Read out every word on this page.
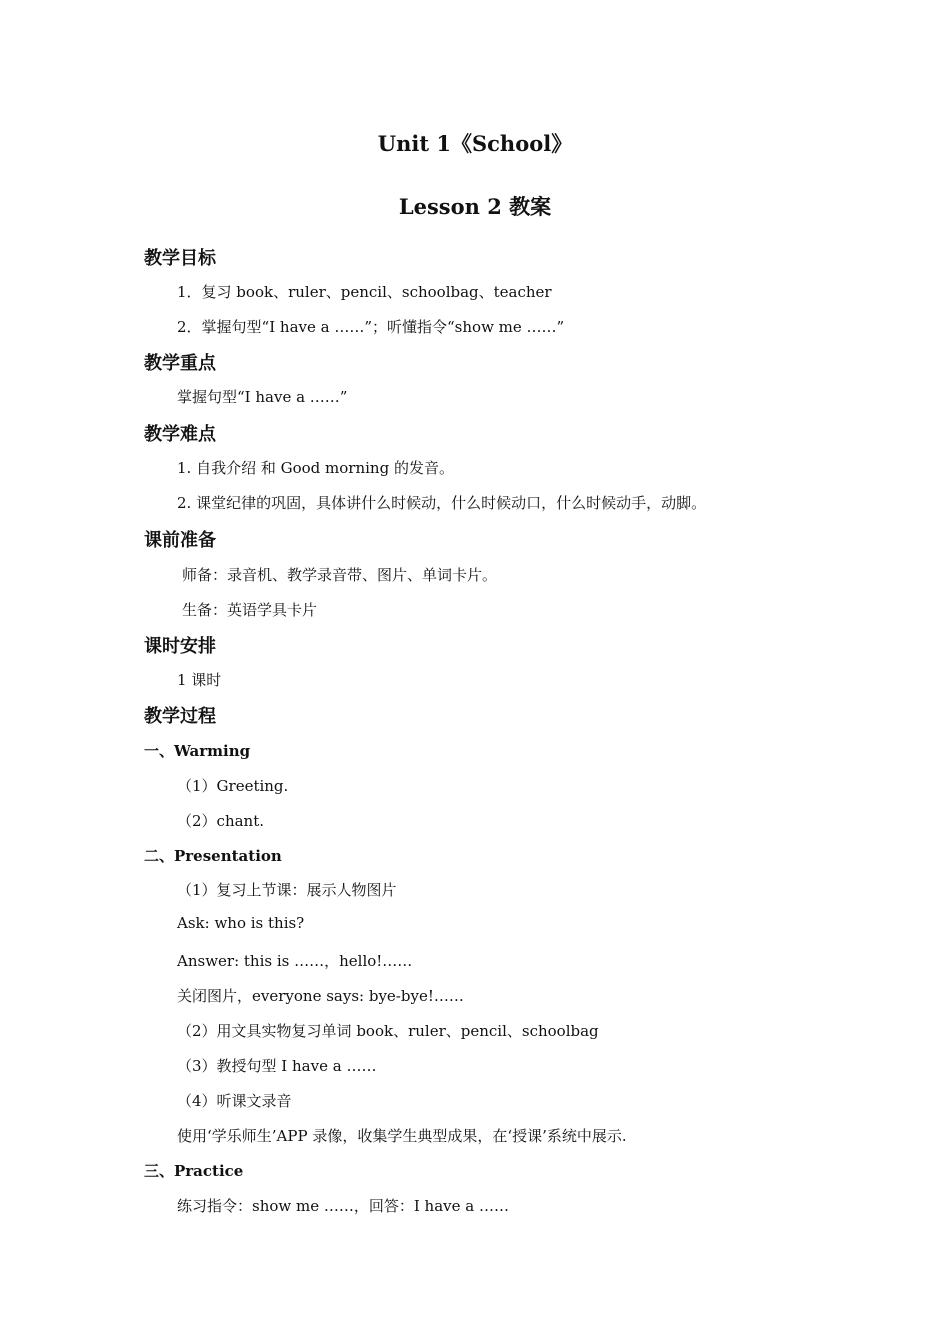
Unit 1《School》
Lesson 2 教案
教学目标
1．复习 book、ruler、pencil、schoolbag、teacher
2．掌握句型“I have a ……”；听懂指令“show me ……”
教学重点
掌握句型“I have a ……”
教学难点
1. 自我介绍 和 Good morning 的发音。
2. 课堂纪律的巩固，具体讲什么时候动，什么时候动口，什么时候动手，动脚。
课前准备
师备：录音机、教学录音带、图片、单词卡片。
生备：英语学具卡片
课时安排
1 课时
教学过程
一、Warming
（1）Greeting.
（2）chant.
二、Presentation
（1）复习上节课：展示人物图片
Ask: who is this?
Answer: this is ……，hello!……
关闭图片，everyone says: bye-bye!……
（2）用文具实物复习单词 book、ruler、pencil、schoolbag
（3）教授句型 I have a ……
（4）听课文录音
使用‘学乐师生’APP 录像，收集学生典型成果，在‘授课’系统中展示.
三、Practice
练习指令：show me ……，回答：I have a ……
